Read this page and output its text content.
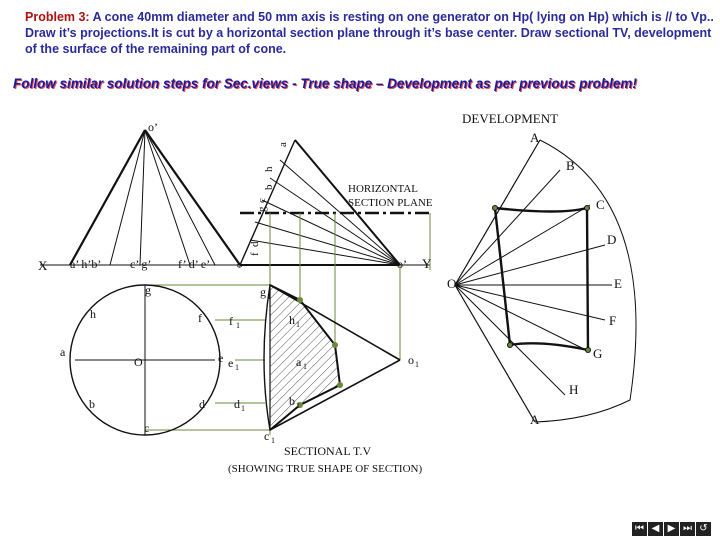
Problem 3: A cone 40mm diameter and 50 mm axis is resting on one generator on Hp( lying on Hp) which is // to Vp.. Draw it’s projections.It is cut by a horizontal section plane through it’s base center. Draw sectional TV, development of the surface of the remaining part of cone.

Follow similar solution steps for Sec.views - True shape – Development as per previous problem!

o’
X	Y
a’ h’b’ c’ g’ f’ d’ e’	o’
a
h
b
c
g
d
f
e
HORIZONTAL
SECTION PLANE
DEVELOPMENT
A
B
C
D
E
F
G
H
A
O
g
h	f
a
O	e
b	d
c
g 1
f 1	h 1
e 1	a 1	o 1
d 1
b 1
c 1
SECTIONAL T.V
(SHOWING TRUE SHAPE OF SECTION)
⏮ ◀ ▶ ⏭ ↺
